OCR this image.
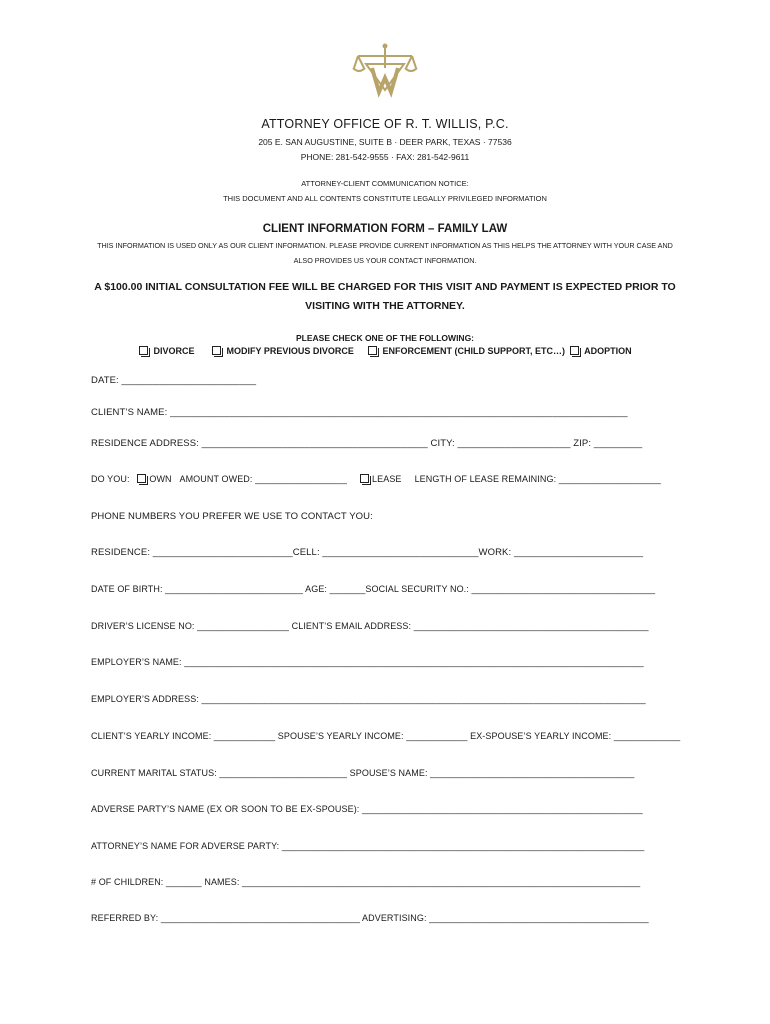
ATTORNEY OFFICE OF R. T. WILLIS, P.C.
205 E. SAN AUGUSTINE, SUITE B · DEER PARK, TEXAS · 77536
PHONE: 281-542-9555 · FAX: 281-542-9611
ATTORNEY-CLIENT COMMUNICATION NOTICE:
THIS DOCUMENT AND ALL CONTENTS CONSTITUTE LEGALLY PRIVILEGED INFORMATION
CLIENT INFORMATION FORM – FAMILY LAW
THIS INFORMATION IS USED ONLY AS OUR CLIENT INFORMATION. PLEASE PROVIDE CURRENT INFORMATION AS THIS HELPS THE ATTORNEY WITH YOUR CASE AND
ALSO PROVIDES US YOUR CONTACT INFORMATION.
A $100.00 INITIAL CONSULTATION FEE WILL BE CHARGED FOR THIS VISIT AND PAYMENT IS EXPECTED PRIOR TO
VISITING WITH THE ATTORNEY.
PLEASE CHECK ONE OF THE FOLLOWING:
DIVORCE	MODIFY PREVIOUS DIVORCE	ENFORCEMENT (CHILD SUPPORT, ETC…)	ADOPTION
DATE: _________________________
CLIENT’S NAME: _____________________________________________________________________________________
RESIDENCE ADDRESS: __________________________________________ CITY: _____________________ ZIP: _________
DO YOU: OWN AMOUNT OWED: __________________	LEASE LENGTH OF LEASE REMAINING: ____________________
PHONE NUMBERS YOU PREFER WE USE TO CONTACT YOU:
RESIDENCE: __________________________CELL: _____________________________WORK: ________________________
DATE OF BIRTH: ___________________________ AGE: _______SOCIAL SECURITY NO.: ____________________________________
DRIVER’S LICENSE NO: __________________ CLIENT’S EMAIL ADDRESS: ______________________________________________
EMPLOYER’S NAME: __________________________________________________________________________________________
EMPLOYER’S ADDRESS: _______________________________________________________________________________________
CLIENT’S YEARLY INCOME: ____________ SPOUSE’S YEARLY INCOME: ____________ EX-SPOUSE’S YEARLY INCOME: _____________
CURRENT MARITAL STATUS: _________________________ SPOUSE’S NAME: ________________________________________
ADVERSE PARTY’S NAME (EX OR SOON TO BE EX-SPOUSE): _______________________________________________________
ATTORNEY’S NAME FOR ADVERSE PARTY: _______________________________________________________________________
# OF CHILDREN: _______ NAMES: ______________________________________________________________________________
REFERRED BY: _______________________________________ ADVERTISING: ___________________________________________
